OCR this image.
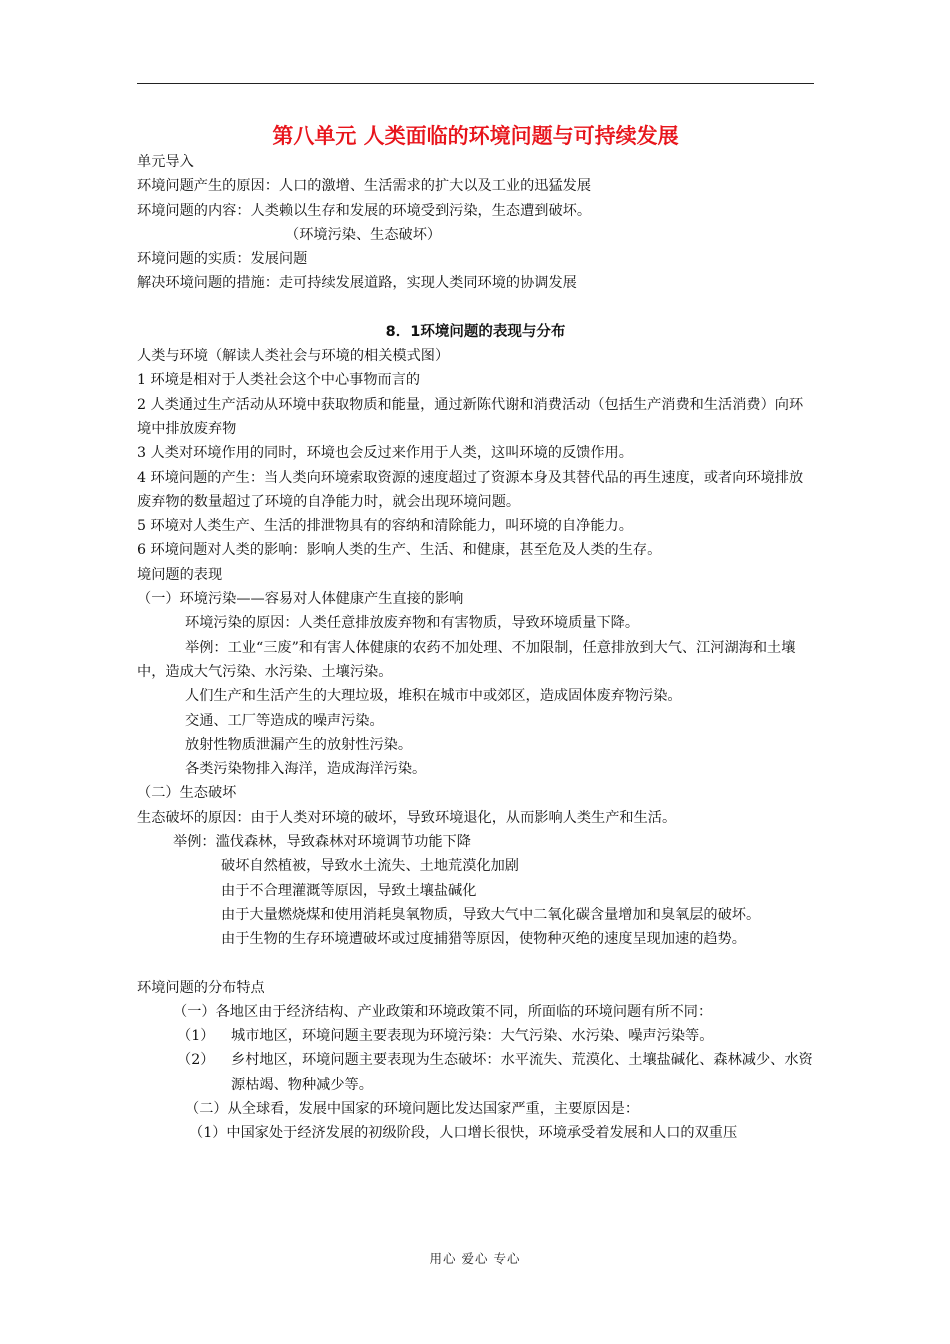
第八单元 人类面临的环境问题与可持续发展
单元导入
环境问题产生的原因：人口的激增、生活需求的扩大以及工业的迅猛发展
环境问题的内容：人类赖以生存和发展的环境受到污染，生态遭到破坏。
（环境污染、生态破坏）
环境问题的实质：发展问题
解决环境问题的措施：走可持续发展道路，实现人类同环境的协调发展
8．1环境问题的表现与分布
人类与环境（解读人类社会与环境的相关模式图）
1 环境是相对于人类社会这个中心事物而言的
2 人类通过生产活动从环境中获取物质和能量，通过新陈代谢和消费活动（包括生产消费和生活消费）向环境中排放废弃物
3 人类对环境作用的同时，环境也会反过来作用于人类，这叫环境的反馈作用。
4 环境问题的产生：当人类向环境索取资源的速度超过了资源本身及其替代品的再生速度，或者向环境排放废弃物的数量超过了环境的自净能力时，就会出现环境问题。
5 环境对人类生产、生活的排泄物具有的容纳和清除能力，叫环境的自净能力。
6 环境问题对人类的影响：影响人类的生产、生活、和健康，甚至危及人类的生存。
境问题的表现
（一）环境污染——容易对人体健康产生直接的影响
环境污染的原因：人类任意排放废弃物和有害物质，导致环境质量下降。
举例：工业“三废”和有害人体健康的农药不加处理、不加限制，任意排放到大气、江河湖海和土壤中，造成大气污染、水污染、土壤污染。
人们生产和生活产生的大理垃圾，堆积在城市中或郊区，造成固体废弃物污染。
交通、工厂等造成的噪声污染。
放射性物质泄漏产生的放射性污染。
各类污染物排入海洋，造成海洋污染。
（二）生态破坏
生态破坏的原因：由于人类对环境的破坏，导致环境退化，从而影响人类生产和生活。
举例：滥伐森林，导致森林对环境调节功能下降
破坏自然植被，导致水土流失、土地荒漠化加剧
由于不合理灌溉等原因，导致土壤盐碱化
由于大量燃烧煤和使用消耗臭氧物质，导致大气中二氧化碳含量增加和臭氧层的破坏。
由于生物的生存环境遭破坏或过度捕猎等原因，使物种灭绝的速度呈现加速的趋势。
环境问题的分布特点
（一）各地区由于经济结构、产业政策和环境政策不同，所面临的环境问题有所不同：
（1）	城市地区，环境问题主要表现为环境污染：大气污染、水污染、噪声污染等。
（2）	乡村地区，环境问题主要表现为生态破坏：水平流失、荒漠化、土壤盐碱化、森林减少、水资源枯竭、物种减少等。
（二）从全球看，发展中国家的环境问题比发达国家严重，主要原因是：
（1）中国家处于经济发展的初级阶段，人口增长很快，环境承受着发展和人口的双重压
用心 爱心 专心
